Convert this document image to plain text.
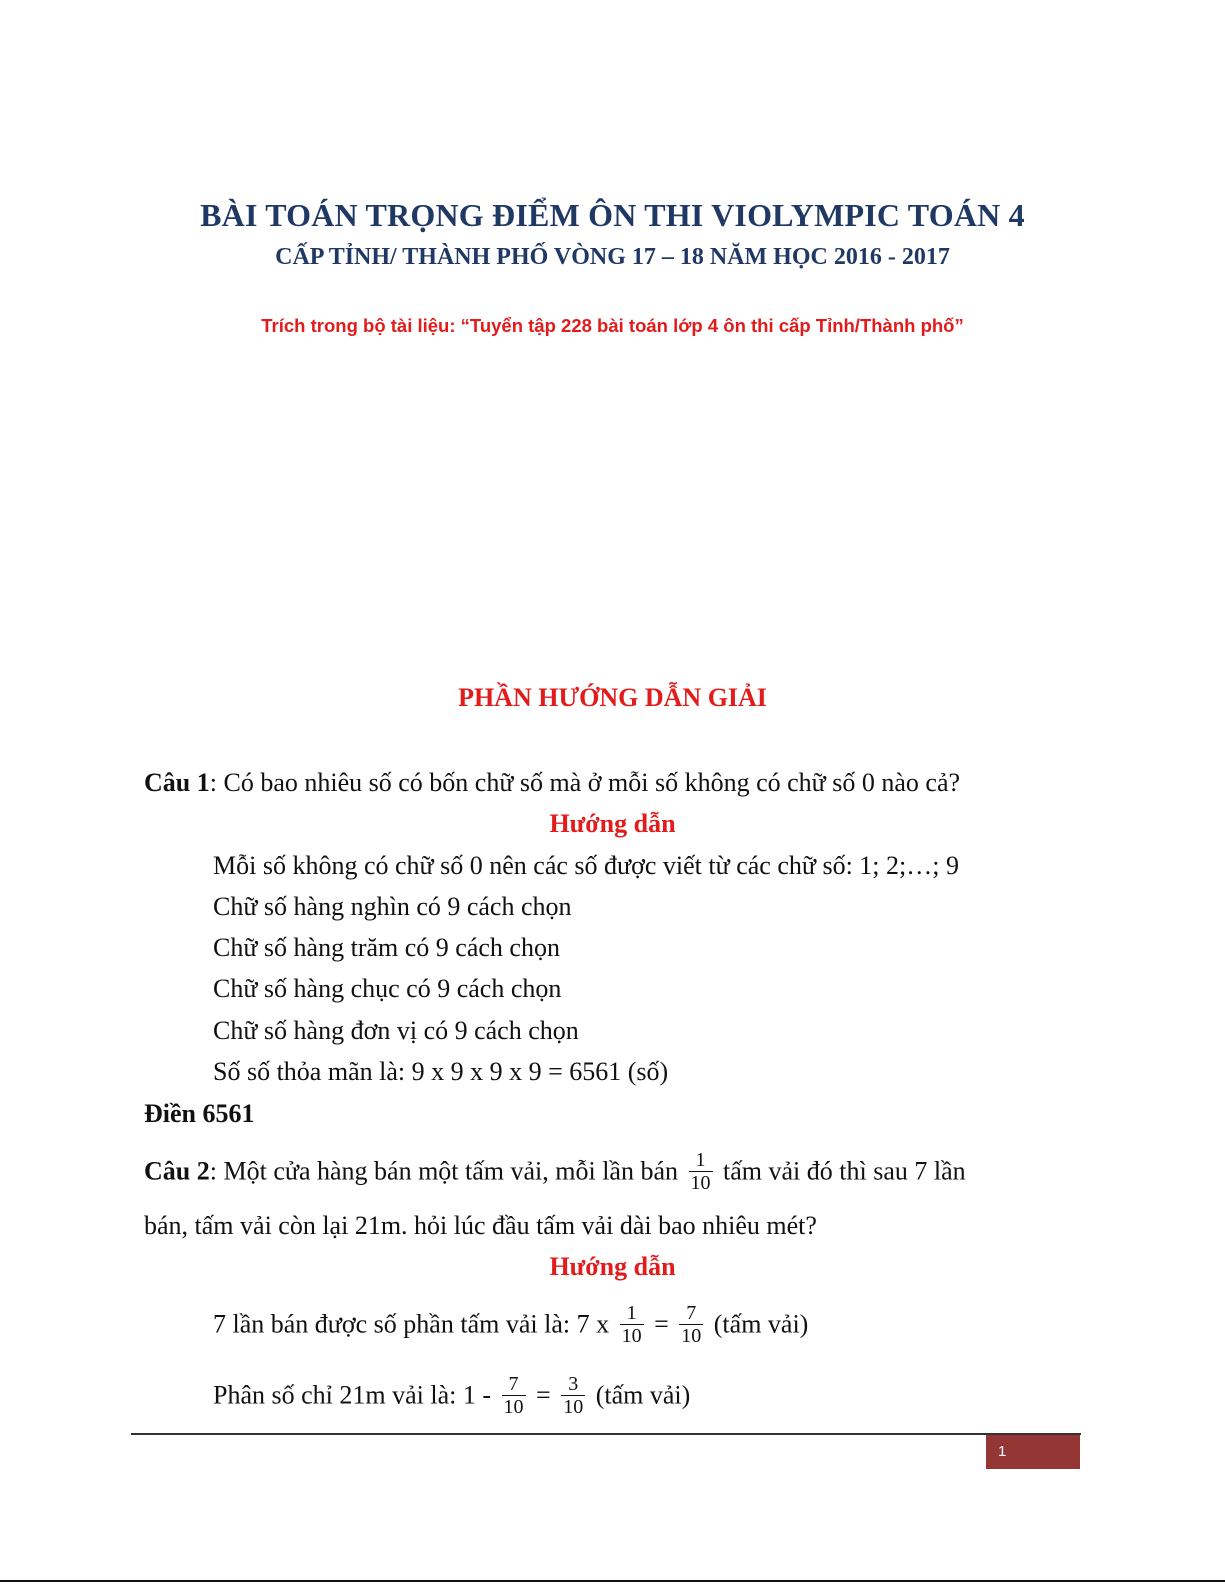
BÀI TOÁN TRỌNG ĐIỂM ÔN THI VIOLYMPIC TOÁN 4
CẤP TỈNH/ THÀNH PHỐ VÒNG 17 – 18 NĂM HỌC 2016 - 2017
Trích trong bộ tài liệu: “Tuyển tập 228 bài toán lớp 4 ôn thi cấp Tỉnh/Thành phố”
PHẦN HƯỚNG DẪN GIẢI
Câu 1: Có bao nhiêu số có bốn chữ số mà ở mỗi số không có chữ số 0 nào cả?
Hướng dẫn
Mỗi số không có chữ số 0 nên các số được viết từ các chữ số: 1; 2;…; 9
Chữ số hàng nghìn có 9 cách chọn
Chữ số hàng trăm có 9 cách chọn
Chữ số hàng chục có 9 cách chọn
Chữ số hàng đơn vị có 9 cách chọn
Số số thỏa mãn là: 9 x 9 x 9 x 9 = 6561 (số)
Điền 6561
Câu 2: Một cửa hàng bán một tấm vải, mỗi lần bán $\frac{1}{10}$ tấm vải đó thì sau 7 lần
bán, tấm vải còn lại 21m. hỏi lúc đầu tấm vải dài bao nhiêu mét?
Hướng dẫn
7 lần bán được số phần tấm vải là: 7 x $\frac{1}{10} = \frac{7}{10}$ (tấm vải)
Phân số chỉ 21m vải là: $1 - \frac{7}{10} = \frac{3}{10}$ (tấm vải)
1
